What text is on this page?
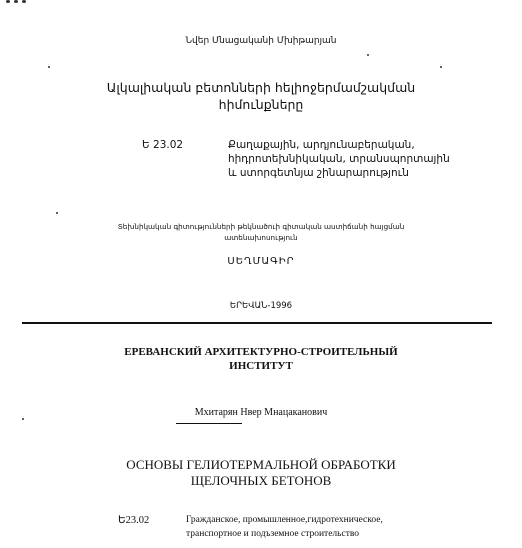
Նվեր Մնացականի Մխիթարյան
Ալկալիական բետոնների հելիոջերմամշակման
հիմունքները
Ե 23.02	Քաղաքային, արդյունաբերական,
հիդրոտեխնիկական, տրանսպորտային
և ստորգետնյա շինարարություն
Տեխնիկական գիտությունների թեկնածուի գիտական աստիճանի հայցման
ատենախոսություն
ՍԵՂՄԱԳԻՐ
ԵՐԵՎԱՆ-1996
ЕРЕВАНСКИЙ АРХИТЕКТУРНО-СТРОИТЕЛЬНЫЙ
ИНСТИТУТ
Мхитарян Нвер Мнацаканович
ОСНОВЫ ГЕЛИОТЕРМАЛЬНОЙ ОБРАБОТКИ
ЩЕЛОЧНЫХ БЕТОНОВ
Ե23.02	Гражданское, промышленное,гидротехническое,
транспортное и подъземное строительство
